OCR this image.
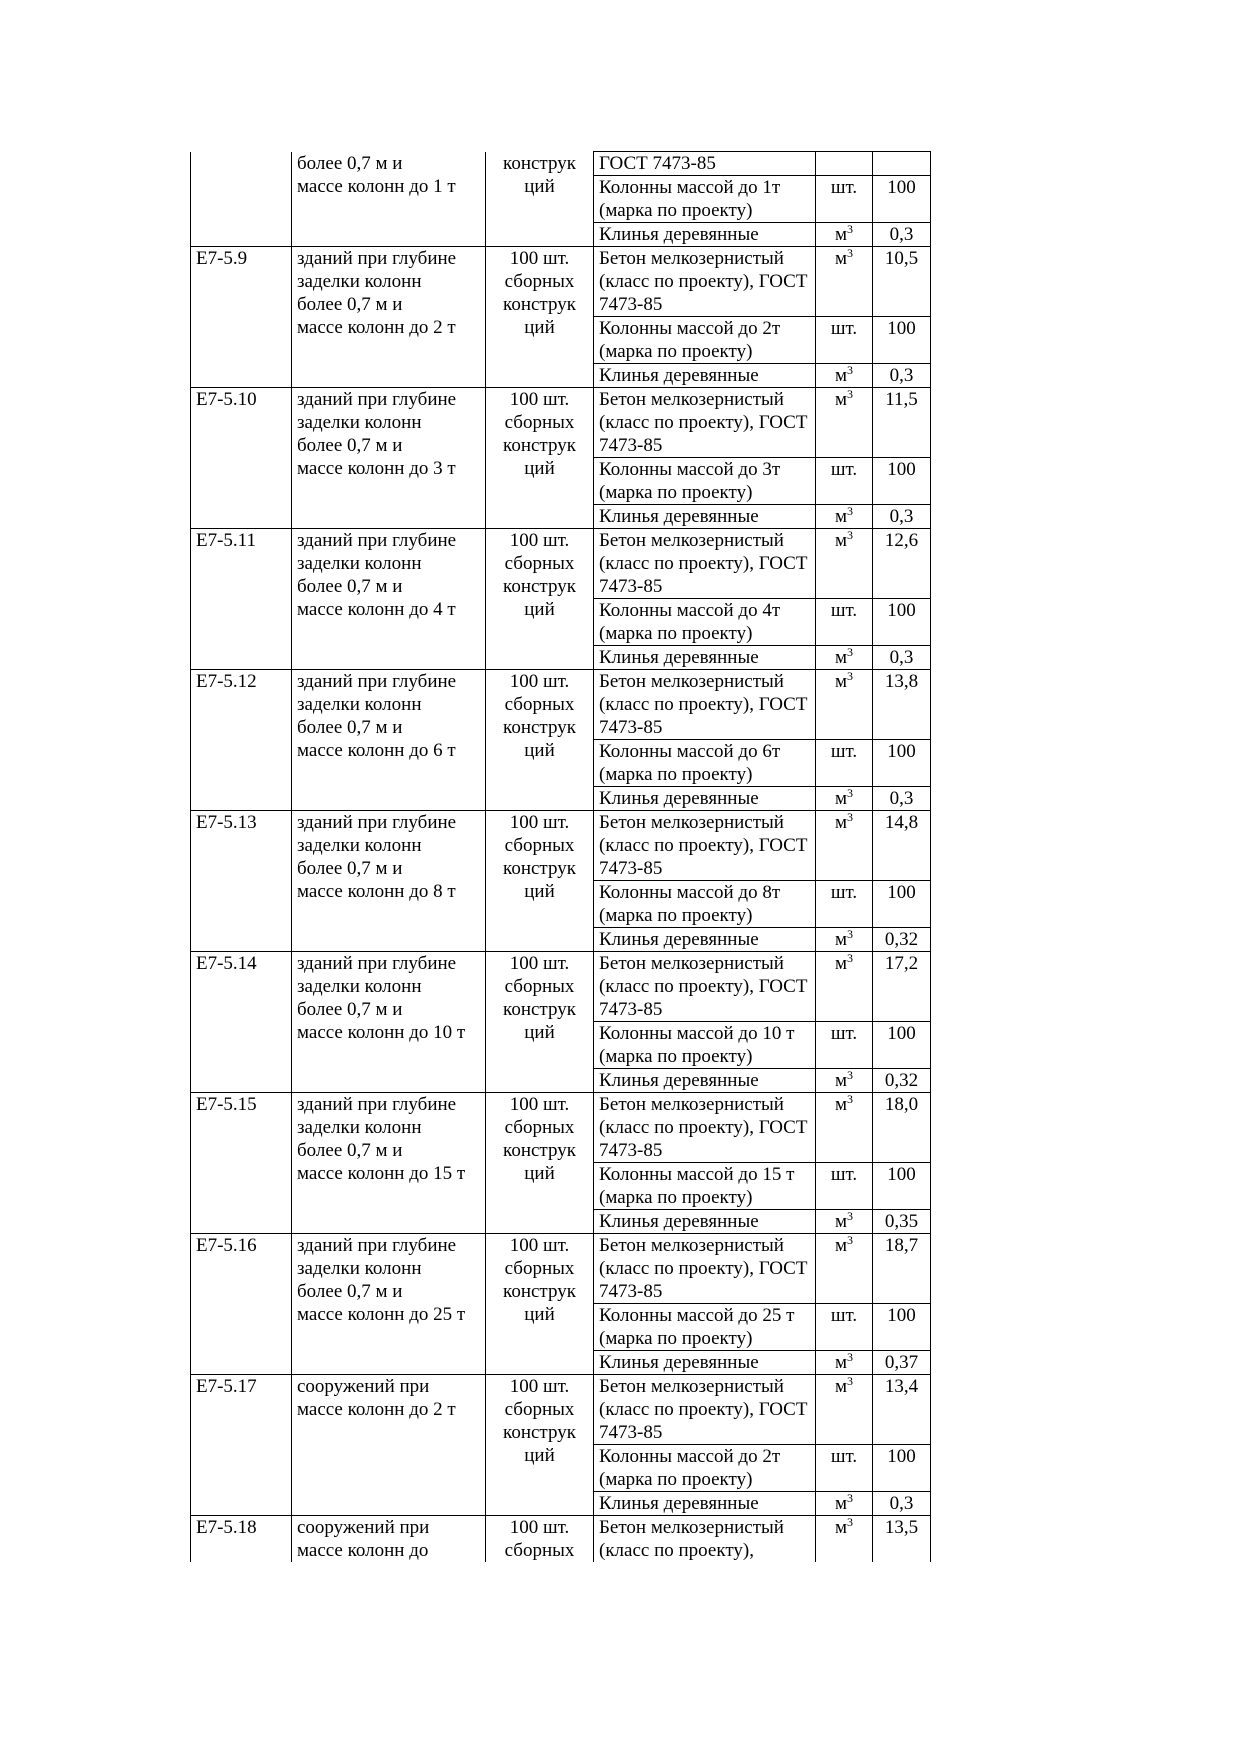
	более 0,7 м и
массе колонн до 1 т	конструк
ций	ГОСТ 7473-85		
			Колонны массой до 1т (марка по проекту)	шт.	100
			Клинья деревянные	$м^3$	0,3
Е7-5.9	зданий при глубине
заделки колонн
более 0,7 м и
массе колонн до 2 т	100 шт.
сборных
конструк
ций	Бетон мелкозернистый (класс по проекту), ГОСТ 7473-85	$м^3$	10,5
			Колонны массой до 2т (марка по проекту)	шт.	100
			Клинья деревянные	$м^3$	0,3
Е7-5.10	зданий при глубине
заделки колонн
более 0,7 м и
массе колонн до 3 т	100 шт.
сборных
конструк
ций	Бетон мелкозернистый (класс по проекту), ГОСТ 7473-85	$м^3$	11,5
			Колонны массой до 3т (марка по проекту)	шт.	100
			Клинья деревянные	$м^3$	0,3
Е7-5.11	зданий при глубине
заделки колонн
более 0,7 м и
массе колонн до 4 т	100 шт.
сборных
конструк
ций	Бетон мелкозернистый (класс по проекту), ГОСТ 7473-85	$м^3$	12,6
			Колонны массой до 4т (марка по проекту)	шт.	100
			Клинья деревянные	$м^3$	0,3
Е7-5.12	зданий при глубине
заделки колонн
более 0,7 м и
массе колонн до 6 т	100 шт.
сборных
конструк
ций	Бетон мелкозернистый (класс по проекту), ГОСТ 7473-85	$м^3$	13,8
			Колонны массой до 6т (марка по проекту)	шт.	100
			Клинья деревянные	$м^3$	0,3
Е7-5.13	зданий при глубине
заделки колонн
более 0,7 м и
массе колонн до 8 т	100 шт.
сборных
конструк
ций	Бетон мелкозернистый (класс по проекту), ГОСТ 7473-85	$м^3$	14,8
			Колонны массой до 8т (марка по проекту)	шт.	100
			Клинья деревянные	$м^3$	0,32
Е7-5.14	зданий при глубине
заделки колонн
более 0,7 м и
массе колонн до 10 т	100 шт.
сборных
конструк
ций	Бетон мелкозернистый (класс по проекту), ГОСТ 7473-85	$м^3$	17,2
			Колонны массой до 10 т (марка по проекту)	шт.	100
			Клинья деревянные	$м^3$	0,32
Е7-5.15	зданий при глубине
заделки колонн
более 0,7 м и
массе колонн до 15 т	100 шт.
сборных
конструк
ций	Бетон мелкозернистый (класс по проекту), ГОСТ 7473-85	$м^3$	18,0
			Колонны массой до 15 т (марка по проекту)	шт.	100
			Клинья деревянные	$м^3$	0,35
Е7-5.16	зданий при глубине
заделки колонн
более 0,7 м и
массе колонн до 25 т	100 шт.
сборных
конструк
ций	Бетон мелкозернистый (класс по проекту), ГОСТ 7473-85	$м^3$	18,7
			Колонны массой до 25 т (марка по проекту)	шт.	100
			Клинья деревянные	$м^3$	0,37
Е7-5.17	сооружений при
массе колонн до 2 т	100 шт.
сборных
конструк
ций	Бетон мелкозернистый (класс по проекту), ГОСТ 7473-85	$м^3$	13,4
			Колонны массой до 2т (марка по проекту)	шт.	100
			Клинья деревянные	$м^3$	0,3
Е7-5.18	сооружений при
массе колонн до	100 шт.
сборных	Бетон мелкозернистый (класс по проекту),	$м^3$	13,5
